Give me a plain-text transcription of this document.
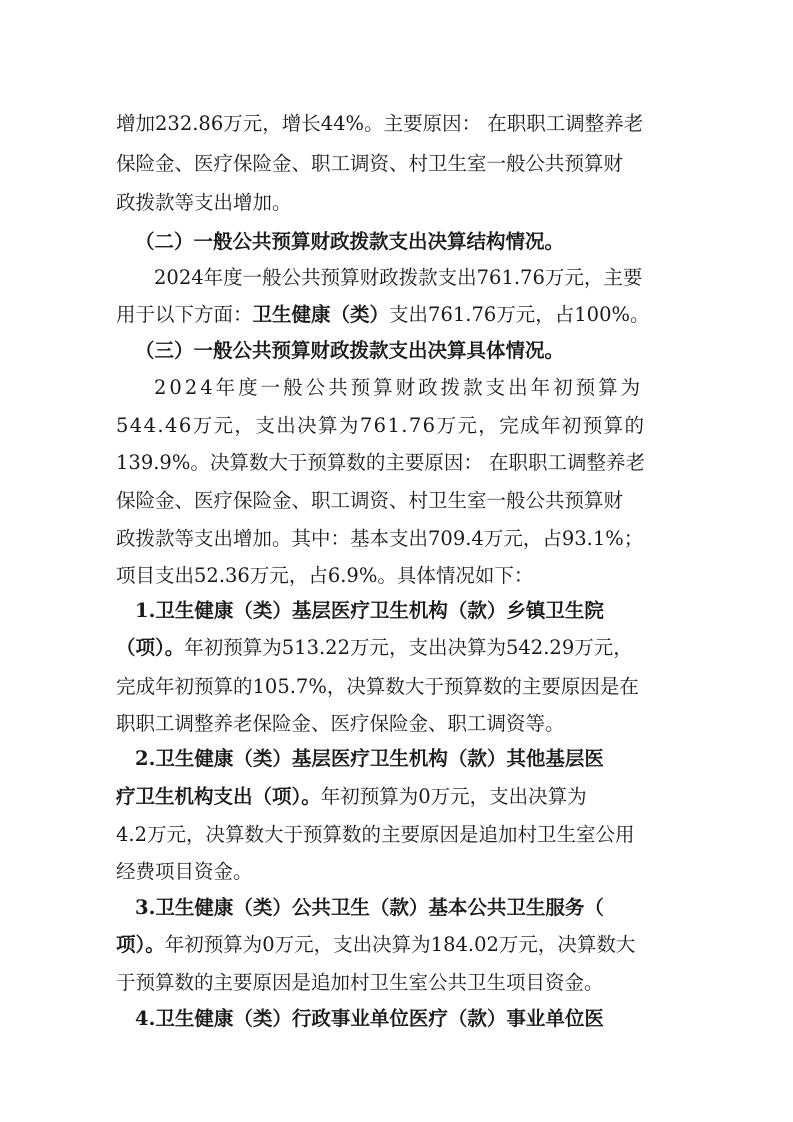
增加232.86万元，增长44%。主要原因： 在职职工调整养老
保险金、医疗保险金、职工调资、村卫生室一般公共预算财
政拨款等支出增加。
（二）一般公共预算财政拨款支出决算结构情况。
2024年度一般公共预算财政拨款支出761.76万元，主要
用于以下方面：卫生健康（类）支出761.76万元，占100%。
（三）一般公共预算财政拨款支出决算具体情况。
2024年度一般公共预算财政拨款支出年初预算为
544.46万元，支出决算为761.76万元，完成年初预算的
139.9%。决算数大于预算数的主要原因： 在职职工调整养老
保险金、医疗保险金、职工调资、村卫生室一般公共预算财
政拨款等支出增加。其中：基本支出709.4万元，占93.1%；
项目支出52.36万元，占6.9%。具体情况如下：
1.卫生健康（类）基层医疗卫生机构（款）乡镇卫生院
（项）。年初预算为513.22万元，支出决算为542.29万元，
完成年初预算的105.7%，决算数大于预算数的主要原因是在
职职工调整养老保险金、医疗保险金、职工调资等。
2.卫生健康（类）基层医疗卫生机构（款）其他基层医
疗卫生机构支出（项）。年初预算为0万元，支出决算为
4.2万元，决算数大于预算数的主要原因是追加村卫生室公用
经费项目资金。
3.卫生健康（类）公共卫生（款）基本公共卫生服务（
项）。年初预算为0万元，支出决算为184.02万元，决算数大
于预算数的主要原因是追加村卫生室公共卫生项目资金。
4.卫生健康（类）行政事业单位医疗（款）事业单位医
